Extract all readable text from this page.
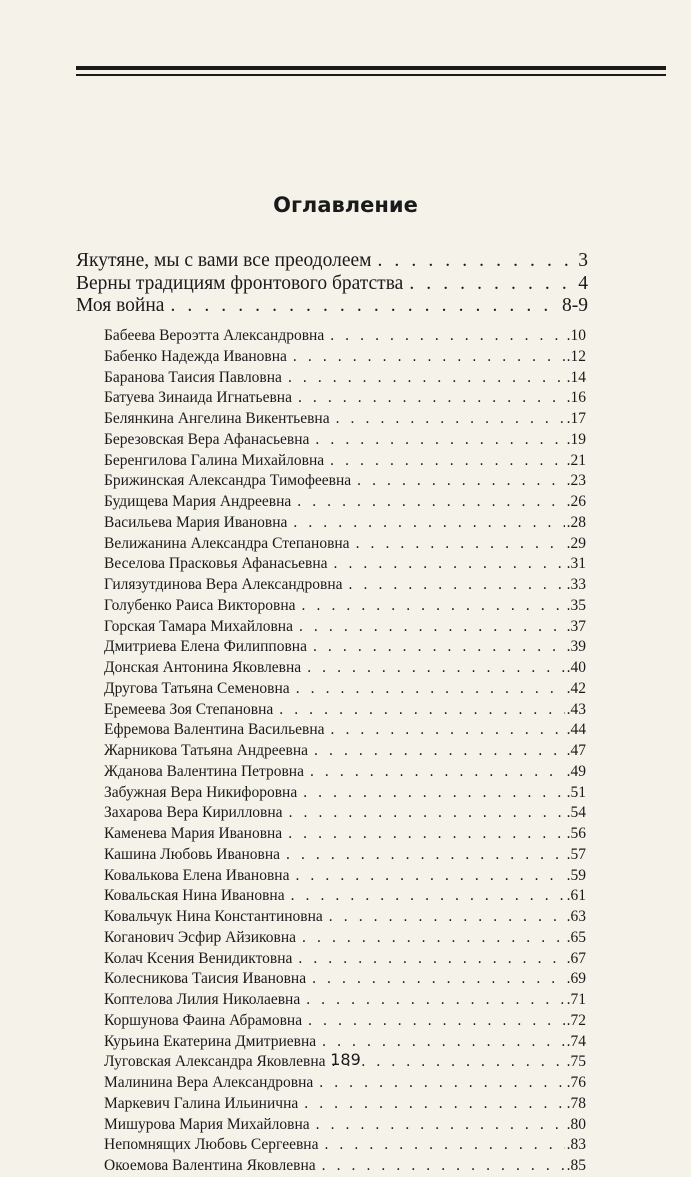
Оглавление
Якутяне, мы с вами все преодолеем . . .	3
Верны традициям фронтового братства . . .	4
Моя война . . .	8-9
Бабеева Вероэтта Александровна . . .	.10
Бабенко Надежда Ивановна . . .	.12
Баранова Таисия Павловна . . .	.14
Батуева Зинаида Игнатьевна . . .	.16
Белянкина Ангелина Викентьевна . . .	.17
Березовская Вера Афанасьевна . . .	.19
Беренгилова Галина Михайловна . . .	.21
Брижинская Александра Тимофеевна . . .	.23
Будищева Мария Андреевна . . .	.26
Васильева Мария Ивановна . . .	.28
Велижанина Александра Степановна . . .	.29
Веселова Прасковья Афанасьевна . . .	.31
Гилязутдинова Вера Александровна . . .	.33
Голубенко Раиса Викторовна . . .	.35
Горская Тамара Михайловна . . .	.37
Дмитриева Елена Филипповна . . .	.39
Донская Антонина Яковлевна . . .	.40
Другова Татьяна Семеновна . . .	.42
Еремеева Зоя Степановна . . .	.43
Ефремова Валентина Васильевна . . .	.44
Жарникова Татьяна Андреевна . . .	.47
Жданова Валентина Петровна . . .	.49
Забужная Вера Никифоровна . . .	.51
Захарова Вера Кирилловна . . .	.54
Каменева Мария Ивановна . . .	.56
Кашина Любовь Ивановна . . .	.57
Ковалькова Елена Ивановна . . .	.59
Ковальская Нина Ивановна . . .	.61
Ковальчук Нина Константиновна . . .	.63
Коганович Эсфир Айзиковна . . .	.65
Колач Ксения Венидиктовна . . .	.67
Колесникова Таисия Ивановна . . .	.69
Коптелова Лилия Николаевна . . .	.71
Коршунова Фаина Абрамовна . . .	.72
Курьина Екатерина Дмитриевна . . .	.74
Луговская Александра Яковлевна . . .	.75
Малинина Вера Александровна . . .	.76
Маркевич Галина Ильинична . . .	.78
Мишурова Мария Михайловна . . .	.80
Непомнящих Любовь Сергеевна . . .	.83
Окоемова Валентина Яковлевна . . .	.85
189
